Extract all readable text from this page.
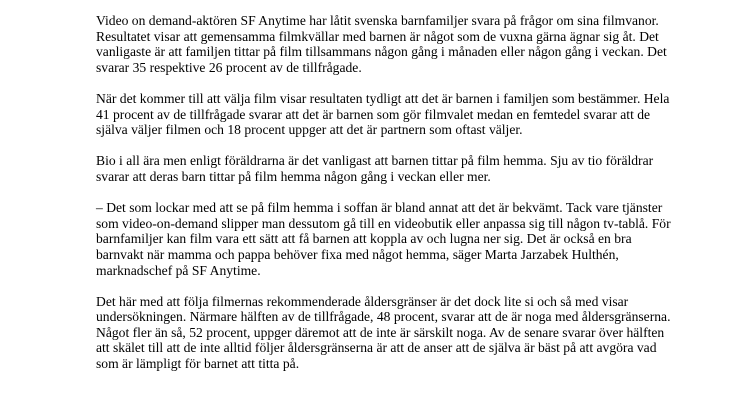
Video on demand-aktören SF Anytime har låtit svenska barnfamiljer svara på frågor om sina filmvanor. Resultatet visar att gemensamma filmkvällar med barnen är något som de vuxna gärna ägnar sig åt. Det vanligaste är att familjen tittar på film tillsammans någon gång i månaden eller någon gång i veckan. Det svarar 35 respektive 26 procent av de tillfrågade.

När det kommer till att välja film visar resultaten tydligt att det är barnen i familjen som bestämmer. Hela 41 procent av de tillfrågade svarar att det är barnen som gör filmvalet medan en femtedel svarar att de själva väljer filmen och 18 procent uppger att det är partnern som oftast väljer.

Bio i all ära men enligt föräldrarna är det vanligast att barnen tittar på film hemma. Sju av tio föräldrar svarar att deras barn tittar på film hemma någon gång i veckan eller mer.

– Det som lockar med att se på film hemma i soffan är bland annat att det är bekvämt. Tack vare tjänster som video-on-demand slipper man dessutom gå till en videobutik eller anpassa sig till någon tv-tablå. För barnfamiljer kan film vara ett sätt att få barnen att koppla av och lugna ner sig. Det är också en bra barnvakt när mamma och pappa behöver fixa med något hemma, säger Marta Jarzabek Hulthén, marknadschef på SF Anytime.

Det här med att följa filmernas rekommenderade åldersgränser är det dock lite si och så med visar undersökningen. Närmare hälften av de tillfrågade, 48 procent, svarar att de är noga med åldersgränserna. Något fler än så, 52 procent, uppger däremot att de inte är särskilt noga. Av de senare svarar över hälften att skälet till att de inte alltid följer åldersgränserna är att de anser att de själva är bäst på att avgöra vad som är lämpligt för barnet att titta på.
